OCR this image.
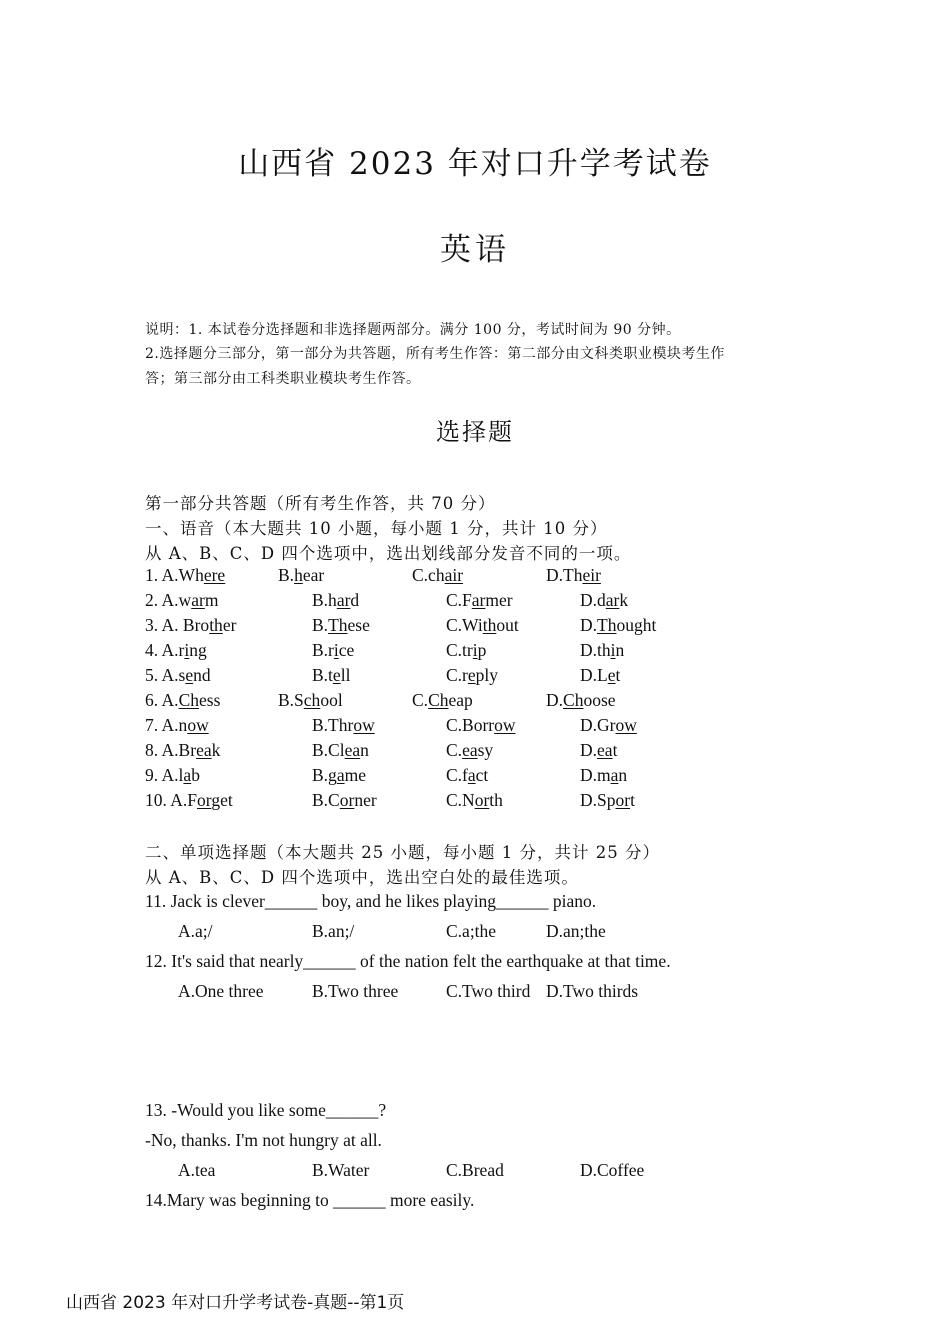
山西省 2023 年对口升学考试卷
英语
说明：1. 本试卷分选择题和非选择题两部分。满分 100 分，考试时间为 90 分钟。
2.选择题分三部分，第一部分为共答题，所有考生作答：第二部分由文科类职业模块考生作
答；第三部分由工科类职业模块考生作答。
选择题
第一部分共答题（所有考生作答，共 70 分）
一、语音（本大题共 10 小题，每小题 1 分，共计 10 分）
从 A、B、C、D 四个选项中，选出划线部分发音不同的一项。
1. A.Where	B.hear	C.chair	D.Their
2. A.warm	B.hard	C.Farmer	D.dark
3. A. Brother	B.These	C.Without	D.Thought
4. A.ring	B.rice	C.trip	D.thin
5. A.send	B.tell	C.reply	D.Let
6. A.Chess	B.School	C.Cheap	D.Choose
7. A.now	B.Throw	C.Borrow	D.Grow
8. A.Break	B.Clean	C.easy	D.eat
9. A.lab	B.game	C.fact	D.man
10. A.Forget	B.Corner	C.North	D.Sport
二、单项选择题（本大题共 25 小题，每小题 1 分，共计 25 分）
从 A、B、C、D 四个选项中，选出空白处的最佳选项。
11. Jack is clever______ boy, and he likes playing______ piano.
A.a;/	B.an;/	C.a;the	D.an;the
12. It's said that nearly______ of the nation felt the earthquake at that time.
A.One three	B.Two three	C.Two third D.Two thirds
13. -Would you like some______?
-No, thanks. I'm not hungry at all.
A.tea	B.Water	C.Bread	D.Coffee
14.Mary was beginning to ______ more easily.
山西省 2023 年对口升学考试卷-真题--第1页
